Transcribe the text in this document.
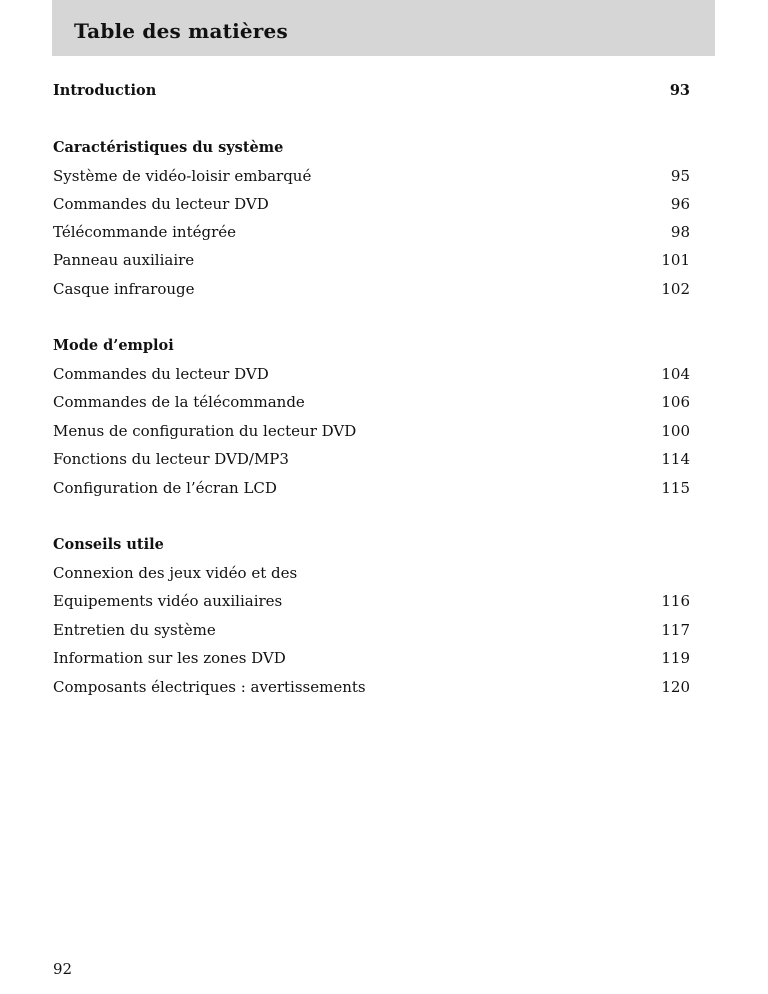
Table des matières
Introduction	93
Caractéristiques du système
Système de vidéo-loisir embarqué	95
Commandes du lecteur DVD	96
Télécommande intégrée	98
Panneau auxiliaire	101
Casque infrarouge	102
Mode d’emploi
Commandes du lecteur DVD	104
Commandes de la télécommande	106
Menus de configuration du lecteur DVD	100
Fonctions du lecteur DVD/MP3	114
Configuration de l’écran LCD	115
Conseils utile
Connexion des jeux vidéo et des
Equipements vidéo auxiliaires	116
Entretien du système	117
Information sur les zones DVD	119
Composants électriques : avertissements	120
92
